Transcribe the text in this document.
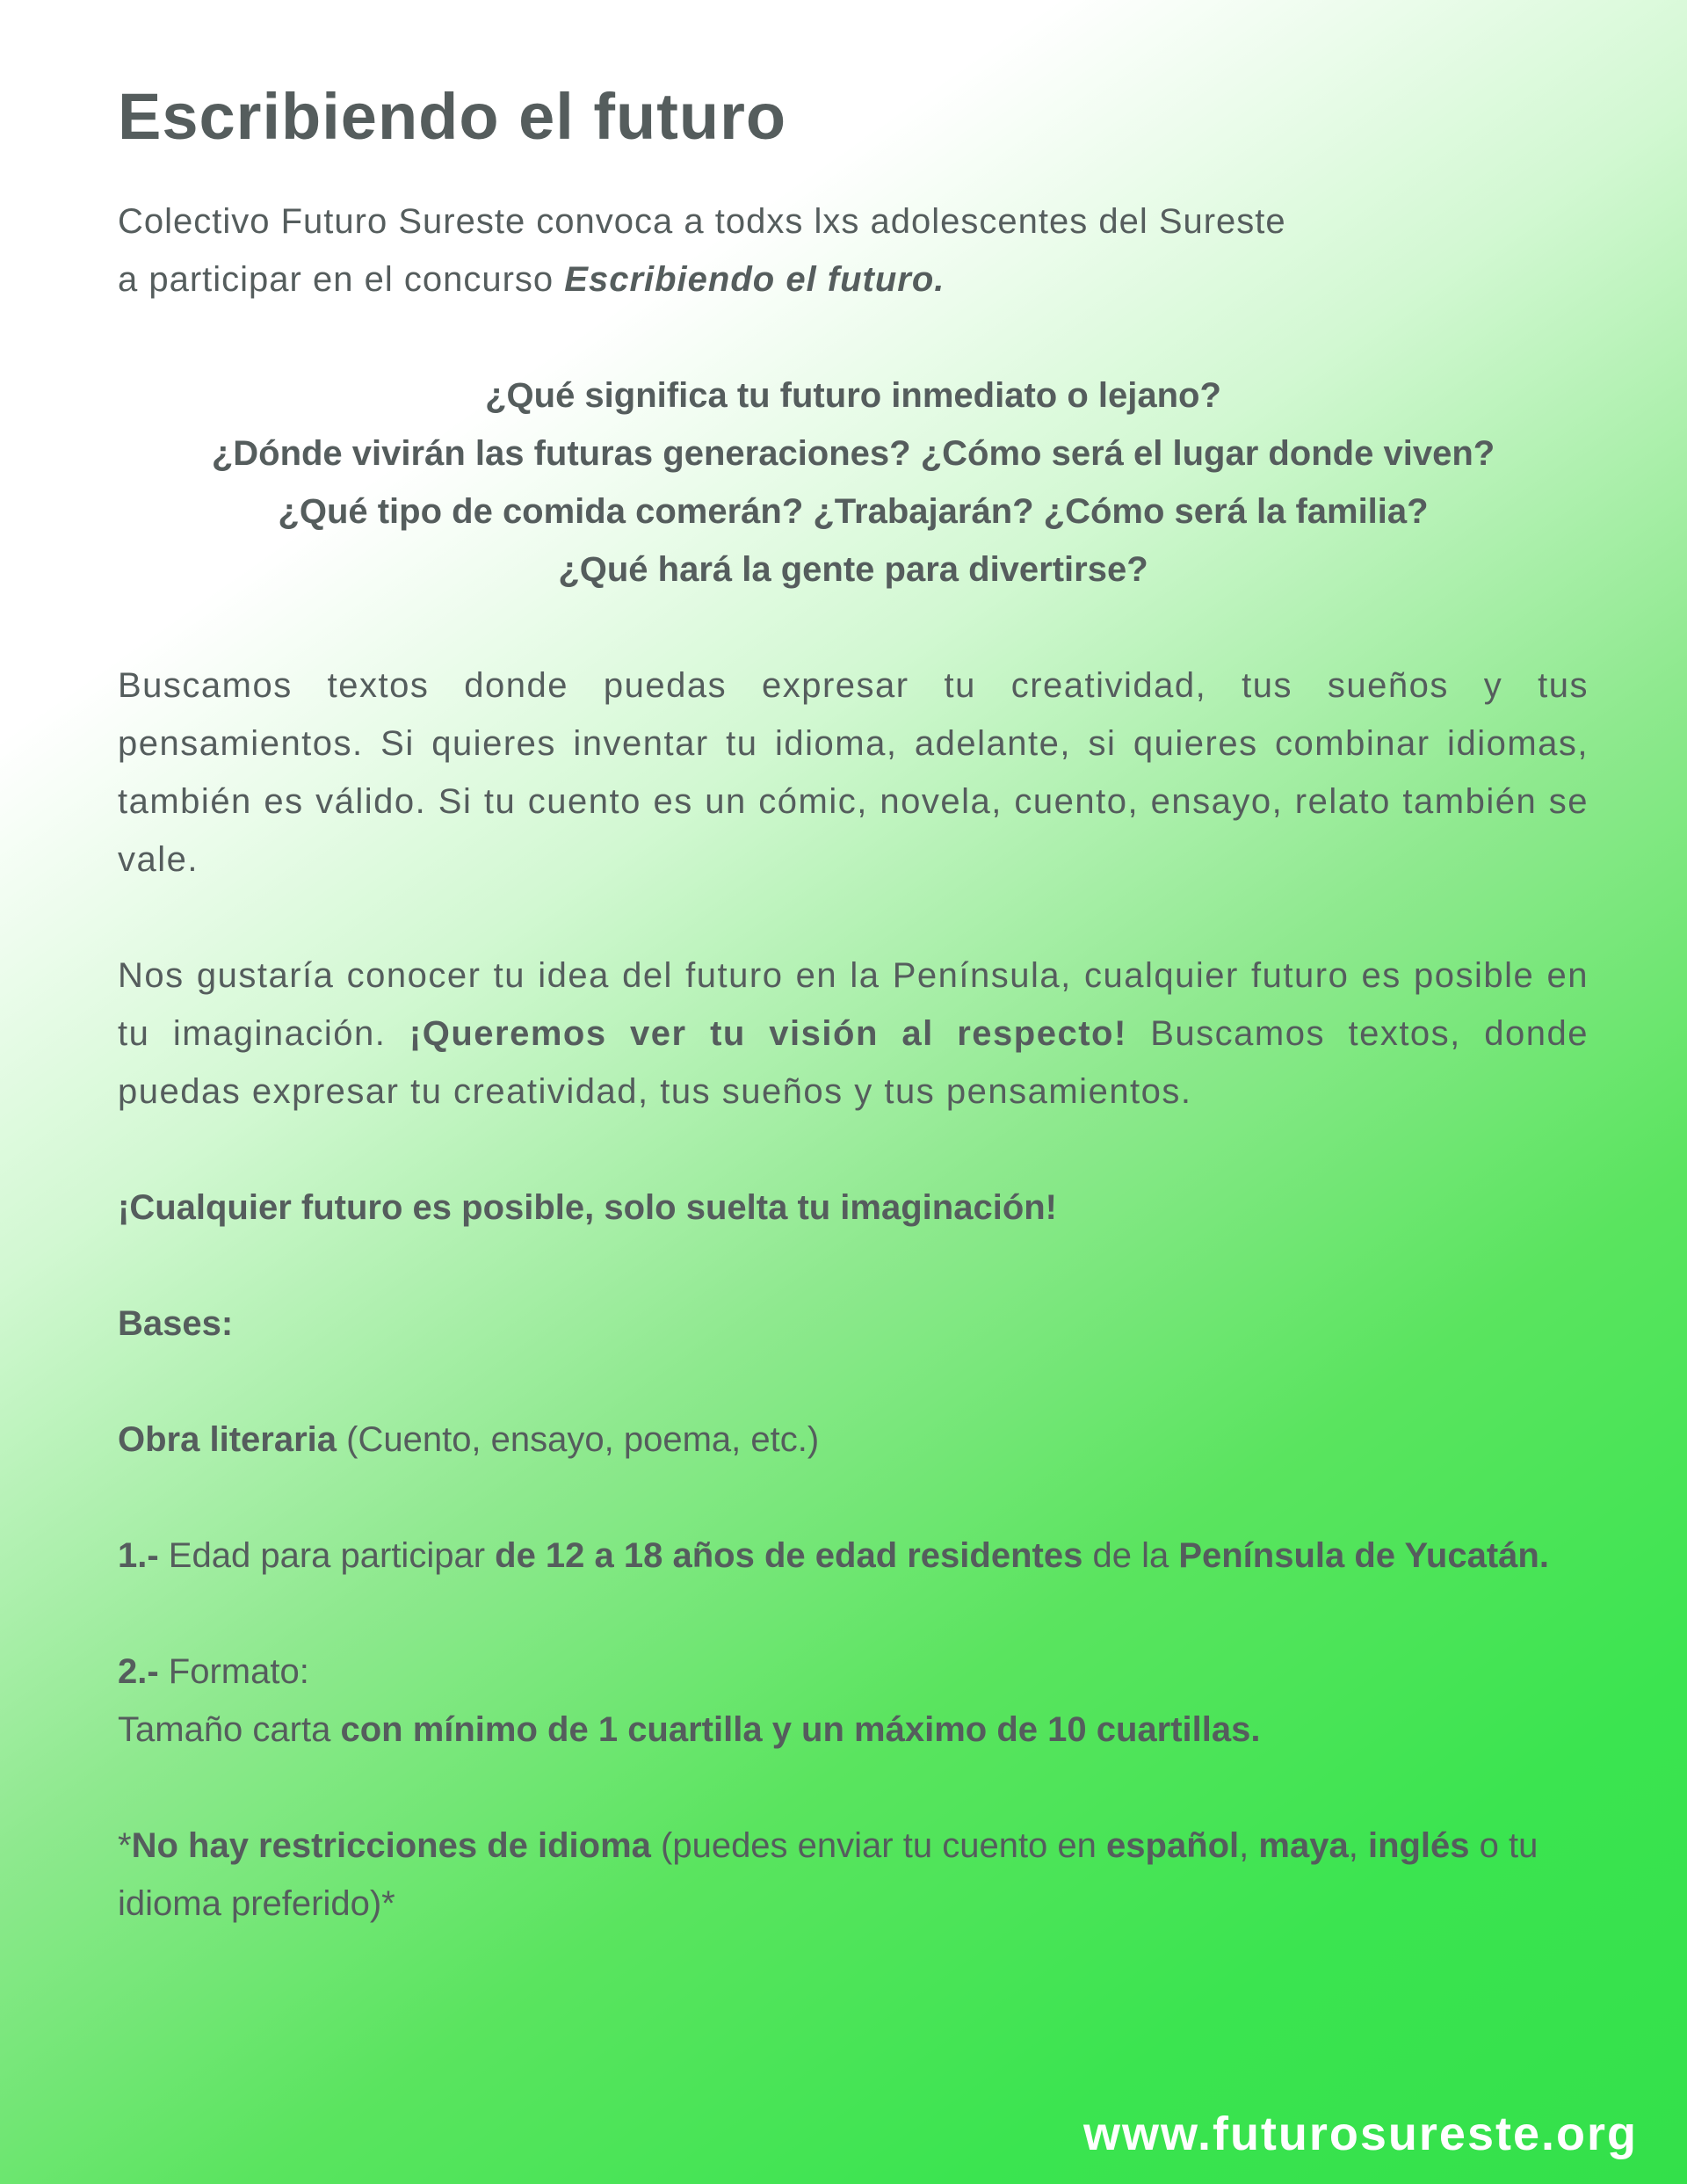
Escribiendo el futuro
Colectivo Futuro Sureste convoca a todxs lxs adolescentes del Sureste
a participar en el concurso Escribiendo el futuro.
¿Qué significa tu futuro inmediato o lejano?
¿Dónde vivirán las futuras generaciones? ¿Cómo será el lugar donde viven?
¿Qué tipo de comida comerán? ¿Trabajarán? ¿Cómo será la familia?
¿Qué hará la gente para divertirse?

Buscamos textos donde puedas expresar tu creatividad, tus sueños y tus pensamientos. Si quieres inventar tu idioma, adelante, si quieres combinar idiomas, también es válido. Si tu cuento es un cómic, novela, cuento, ensayo, relato también se vale.

Nos gustaría conocer tu idea del futuro en la Península, cualquier futuro es posible en tu imaginación. ¡Queremos ver tu visión al respecto! Buscamos textos, donde puedas expresar tu creatividad, tus sueños y tus pensamientos.

¡Cualquier futuro es posible, solo suelta tu imaginación!
Bases:
Obra literaria (Cuento, ensayo, poema, etc.)
1.- Edad para participar de 12 a 18 años de edad residentes de la Península de Yucatán.
2.- Formato:
Tamaño carta con mínimo de 1 cuartilla y un máximo de 10 cuartillas.
*No hay restricciones de idioma (puedes enviar tu cuento en español, maya, inglés o tu idioma preferido)*
www.futurosureste.org
